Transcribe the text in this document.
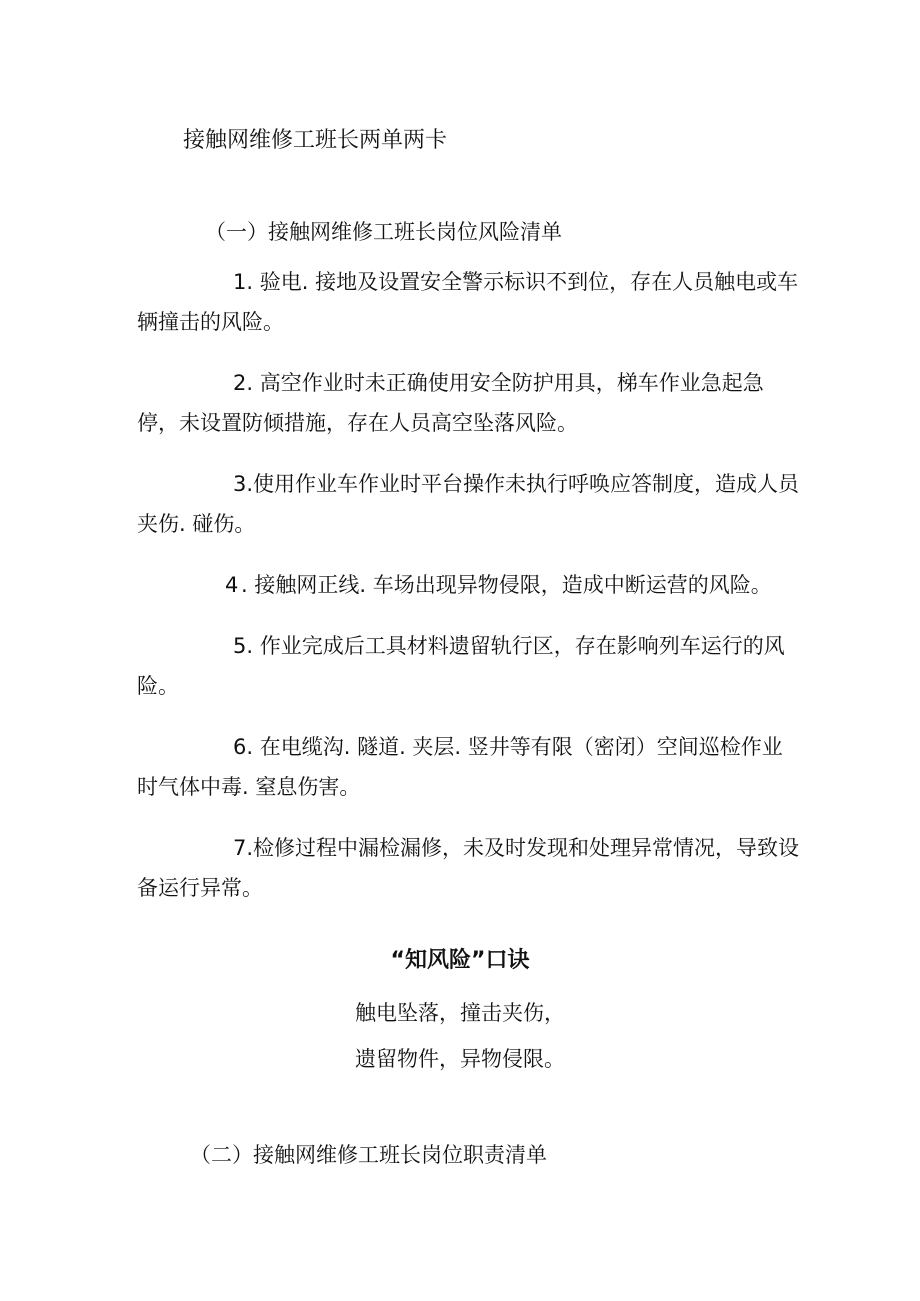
接触网维修工班长两单两卡
（一）接触网维修工班长岗位风险清单

1. 验电. 接地及设置安全警示标识不到位，存在人员触电或车辆撞击的风险。

2. 高空作业时未正确使用安全防护用具，梯车作业急起急停，未设置防倾措施，存在人员高空坠落风险。

3.使用作业车作业时平台操作未执行呼唤应答制度，造成人员夹伤. 碰伤。

4 . 接触网正线. 车场出现异物侵限，造成中断运营的风险。

5. 作业完成后工具材料遗留轨行区，存在影响列车运行的风险。

6. 在电缆沟. 隧道. 夹层. 竖井等有限（密闭）空间巡检作业时气体中毒. 窒息伤害。

7.检修过程中漏检漏修，未及时发现和处理异常情况，导致设备运行异常。

“知风险”口诀
触电坠落，撞击夹伤，
遗留物件，异物侵限。
（二）接触网维修工班长岗位职责清单
